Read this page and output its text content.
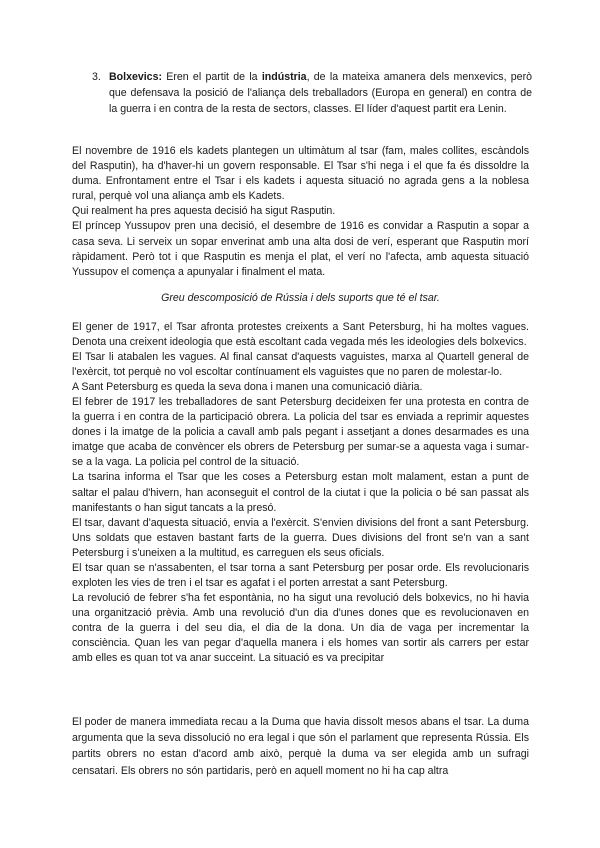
3. Bolxevics: Eren el partit de la indústria, de la mateixa amanera dels menxevics, però que defensava la posició de l'aliança dels treballadors (Europa en general) en contra de la guerra i en contra de la resta de sectors, classes. El líder d'aquest partit era Lenin.

El novembre de 1916 els kadets plantegen un ultimàtum al tsar (fam, males collites, escàndols del Rasputin), ha d'haver-hi un govern responsable. El Tsar s'hi nega i el que fa és dissoldre la duma. Enfrontament entre el Tsar i els kadets i aquesta situació no agrada gens a la noblesa rural, perquè vol una aliança amb els Kadets.

Qui realment ha pres aquesta decisió ha sigut Rasputin.

El príncep Yussupov pren una decisió, el desembre de 1916 es convidar a Rasputin a sopar a casa seva. Li serveix un sopar enverinat amb una alta dosi de verí, esperant que Rasputin morí ràpidament. Però tot i que Rasputin es menja el plat, el verí no l'afecta, amb aquesta situació Yussupov el comença a apunyalar i finalment el mata.

Greu descomposició de Rússia i dels suports que té el tsar.

El gener de 1917, el Tsar afronta protestes creixents a Sant Petersburg, hi ha moltes vagues. Denota una creixent ideologia que està escoltant cada vegada més les ideologies dels bolxevics.

El Tsar li atabalen les vagues. Al final cansat d'aquests vaguistes, marxa al Quartell general de l'exèrcit, tot perquè no vol escoltar contínuament els vaguistes que no paren de molestar-lo.

A Sant Petersburg es queda la seva dona i manen una comunicació diària.

El febrer de 1917 les treballadores de sant Petersburg decideixen fer una protesta en contra de la guerra i en contra de la participació obrera. La policia del tsar es enviada a reprimir aquestes dones i la imatge de la policia a cavall amb pals pegant i assetjant a dones desarmades es una imatge que acaba de convèncer els obrers de Petersburg per sumar-se a aquesta vaga i sumar-se a la vaga. La policia pel control de la situació.

La tsarina informa el Tsar que les coses a Petersburg estan molt malament, estan a punt de saltar el palau d'hivern, han aconseguit el control de la ciutat i que la policia o bé san passat als manifestants o han sigut tancats a la presó.

El tsar, davant d'aquesta situació, envia a l'exèrcit. S'envien divisions del front a sant Petersburg. Uns soldats que estaven bastant farts de la guerra. Dues divisions del front se'n van a sant Petersburg i s'uneixen a la multitud, es carreguen els seus oficials.

El tsar quan se n'assabenten, el tsar torna a sant Petersburg per posar orde. Els revolucionaris exploten les vies de tren i el tsar es agafat i el porten arrestat a sant Petersburg.

La revolució de febrer s'ha fet espontània, no ha sigut una revolució dels bolxevics, no hi havia una organització prèvia. Amb una revolució d'un dia d'unes dones que es revolucionaven en contra de la guerra i del seu dia, el dia de la dona. Un dia de vaga per incrementar la consciència. Quan les van pegar d'aquella manera i els homes van sortir als carrers per estar amb elles es quan tot va anar succeint. La situació es va precipitar

El poder de manera immediata recau a la Duma que havia dissolt mesos abans el tsar. La duma argumenta que la seva dissolució no era legal i que són el parlament que representa Rússia. Els partits obrers no estan d'acord amb això, perquè la duma va ser elegida amb un sufragi censatari. Els obrers no són partidaris, però en aquell moment no hi ha cap altra
